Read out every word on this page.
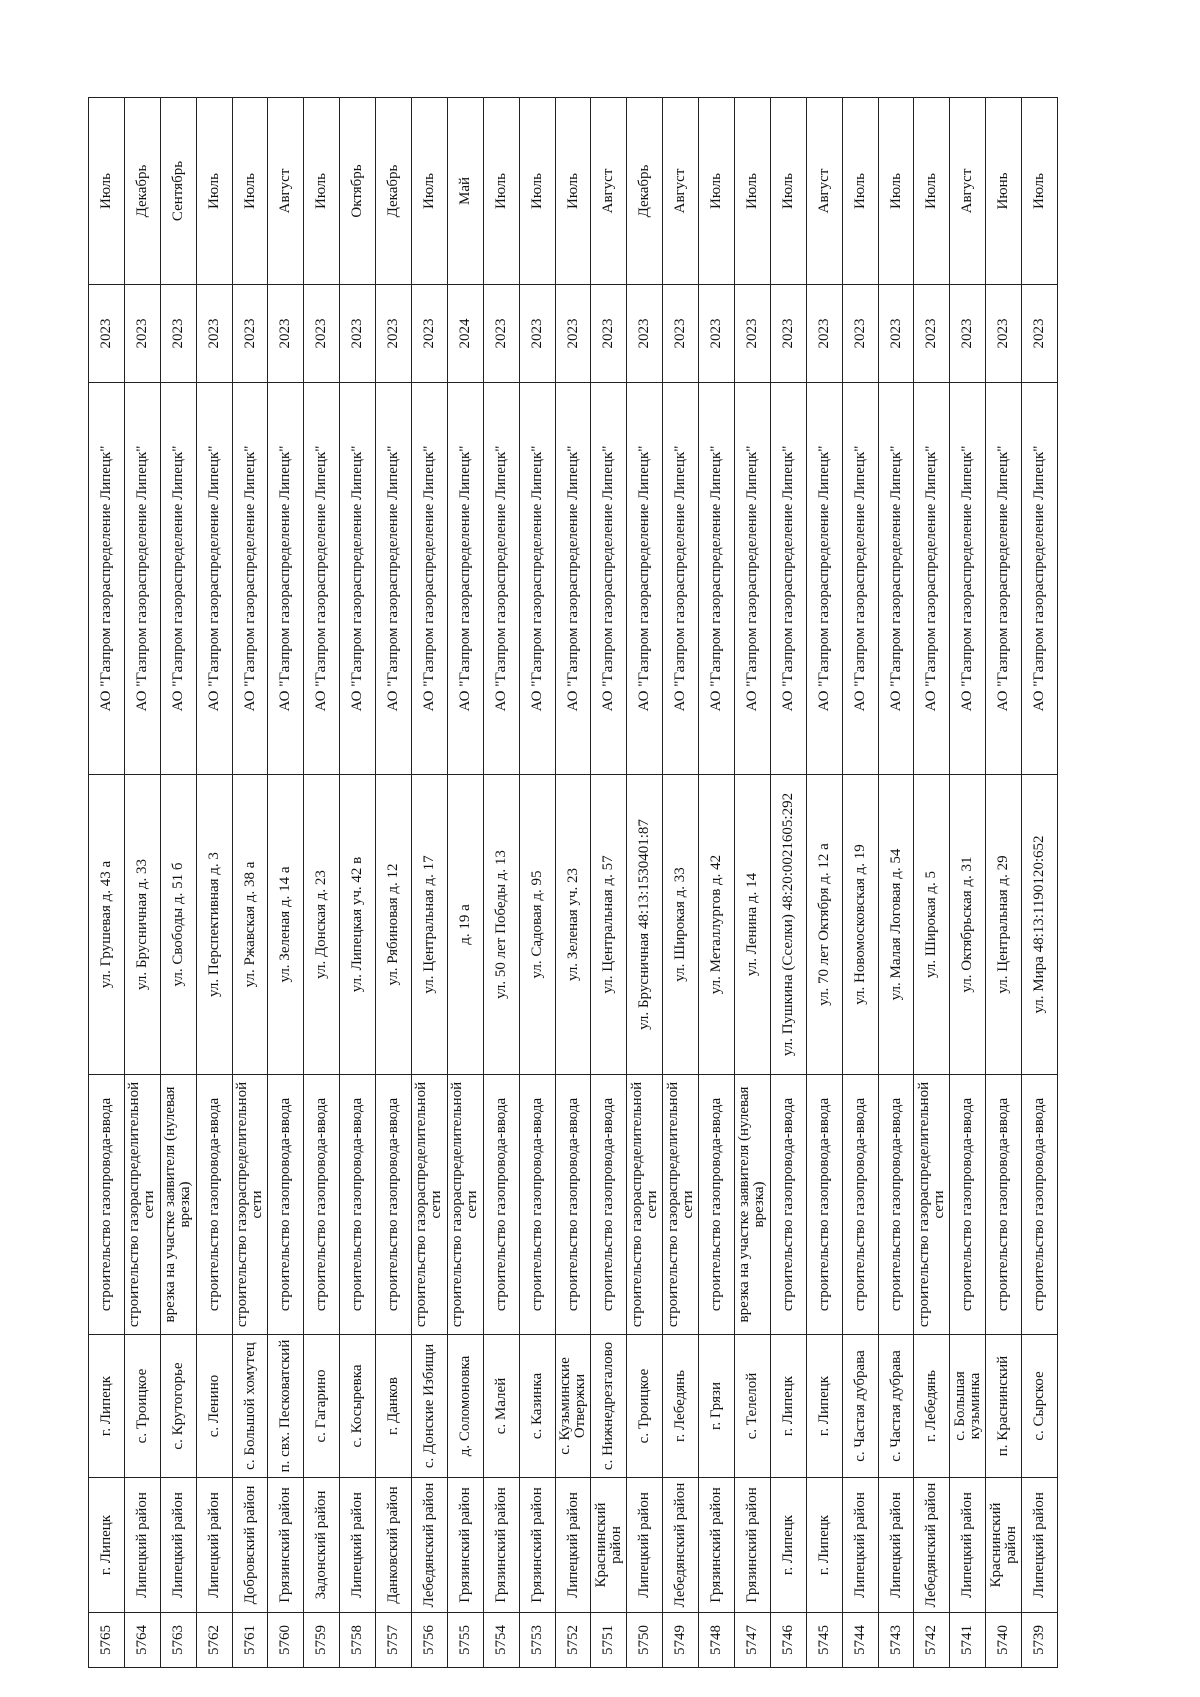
5765	г. Липецк	г. Липецк	строительство газопровода-ввода	ул. Грушевая д. 43 а	АО "Газпром газораспределение Липецк"	2023	Июль
5764	Липецкий район	с. Троицкое	строительство газораспределительной сети	ул. Брусничная д. 33	АО "Газпром газораспределение Липецк"	2023	Декабрь
5763	Липецкий район	с. Крутогорье	врезка на участке заявителя (нулевая врезка)	ул. Свободы д. 51 б	АО "Газпром газораспределение Липецк"	2023	Сентябрь
5762	Липецкий район	с. Ленино	строительство газопровода-ввода	ул. Перспективная д. 3	АО "Газпром газораспределение Липецк"	2023	Июль
5761	Добровский район	с. Большой хомутец	строительство газораспределительной сети	ул. Ржавская д. 38 а	АО "Газпром газораспределение Липецк"	2023	Июль
5760	Грязинский район	п. свх. Песковатский	строительство газопровода-ввода	ул. Зеленая д. 14 а	АО "Газпром газораспределение Липецк"	2023	Август
5759	Задонский район	с. Гагарино	строительство газопровода-ввода	ул. Донская д. 23	АО "Газпром газораспределение Липецк"	2023	Июль
5758	Липецкий район	с. Косыревка	строительство газопровода-ввода	ул. Липецкая уч. 42 в	АО "Газпром газораспределение Липецк"	2023	Октябрь
5757	Данковский район	г. Данков	строительство газопровода-ввода	ул. Рябиновая д. 12	АО "Газпром газораспределение Липецк"	2023	Декабрь
5756	Лебедянский район	с. Донские Избищи	строительство газораспределительной сети	ул. Центральная д. 17	АО "Газпром газораспределение Липецк"	2023	Июль
5755	Грязинский район	д. Соломоновка	строительство газораспределительной сети	д. 19 а	АО "Газпром газораспределение Липецк"	2024	Май
5754	Грязинский район	с. Малей	строительство газопровода-ввода	ул. 50 лет Победы д. 13	АО "Газпром газораспределение Липецк"	2023	Июль
5753	Грязинский район	с. Казинка	строительство газопровода-ввода	ул. Садовая д. 95	АО "Газпром газораспределение Липецк"	2023	Июль
5752	Липецкий район	с. Кузьминские Отвержки	строительство газопровода-ввода	ул. Зеленая уч. 23	АО "Газпром газораспределение Липецк"	2023	Июль
5751	Краснинский район	с. Нижнедрезгалово	строительство газопровода-ввода	ул. Центральная д. 57	АО "Газпром газораспределение Липецк"	2023	Август
5750	Липецкий район	с. Троицкое	строительство газораспределительной сети	ул. Брусничная 48:13:1530401:87	АО "Газпром газораспределение Липецк"	2023	Декабрь
5749	Лебедянский район	г. Лебедянь	строительство газораспределительной сети	ул. Широкая д. 33	АО "Газпром газораспределение Липецк"	2023	Август
5748	Грязинский район	г. Грязи	строительство газопровода-ввода	ул. Металлургов д. 42	АО "Газпром газораспределение Липецк"	2023	Июль
5747	Грязинский район	с. Телелой	врезка на участке заявителя (нулевая врезка)	ул. Ленина д. 14	АО "Газпром газораспределение Липецк"	2023	Июль
5746	г. Липецк	г. Липецк	строительство газопровода-ввода	ул. Пушкина (Сселки) 48:20:0021605:292	АО "Газпром газораспределение Липецк"	2023	Июль
5745	г. Липецк	г. Липецк	строительство газопровода-ввода	ул. 70 лет Октября д. 12 а	АО "Газпром газораспределение Липецк"	2023	Август
5744	Липецкий район	с. Частая дубрава	строительство газопровода-ввода	ул. Новомосковская д. 19	АО "Газпром газораспределение Липецк"	2023	Июль
5743	Липецкий район	с. Частая дубрава	строительство газопровода-ввода	ул. Малая Логовая д. 54	АО "Газпром газораспределение Липецк"	2023	Июль
5742	Лебедянский район	г. Лебедянь	строительство газораспределительной сети	ул. Широкая д. 5	АО "Газпром газораспределение Липецк"	2023	Июль
5741	Липецкий район	с. Большая кузьминка	строительство газопровода-ввода	ул. Октябрьская д. 31	АО "Газпром газораспределение Липецк"	2023	Август
5740	Краснинский район	п. Краснинский	строительство газопровода-ввода	ул. Центральная д. 29	АО "Газпром газораспределение Липецк"	2023	Июнь
5739	Липецкий район	с. Сырское	строительство газопровода-ввода	ул. Мира 48:13:1190120:652	АО "Газпром газораспределение Липецк"	2023	Июль
